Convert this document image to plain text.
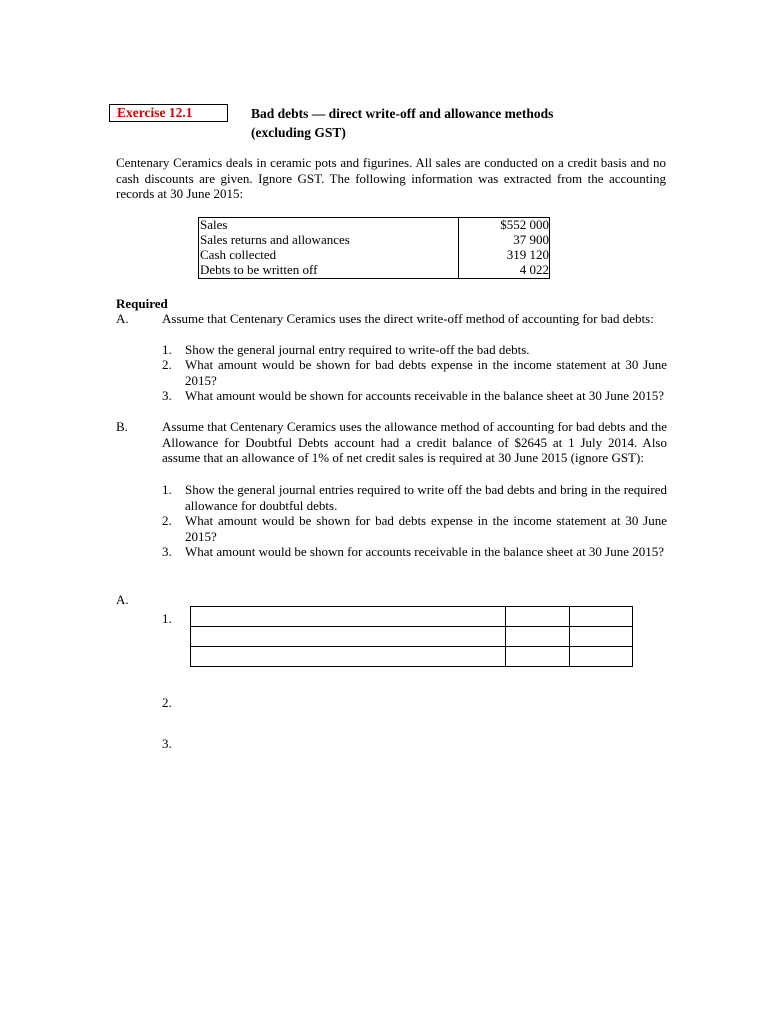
Exercise 12.1	Bad debts — direct write-off and allowance methods
(excluding GST)
Centenary Ceramics deals in ceramic pots and figurines. All sales are conducted on a credit basis and no cash discounts are given. Ignore GST. The following information was extracted from the accounting records at 30 June 2015:
Sales	$552 000
Sales returns and allowances	37 900
Cash collected	319 120
Debts to be written off	4 022
Required
A.	Assume that Centenary Ceramics uses the direct write-off method of accounting for bad debts:
1. Show the general journal entry required to write-off the bad debts.
2. What amount would be shown for bad debts expense in the income statement at 30 June 2015?
3. What amount would be shown for accounts receivable in the balance sheet at 30 June 2015?
B.	Assume that Centenary Ceramics uses the allowance method of accounting for bad debts and the Allowance for Doubtful Debts account had a credit balance of $2645 at 1 July 2014. Also assume that an allowance of 1% of net credit sales is required at 30 June 2015 (ignore GST):
1. Show the general journal entries required to write off the bad debts and bring in the required allowance for doubtful debts.
2. What amount would be shown for bad debts expense in the income statement at 30 June 2015?
3. What amount would be shown for accounts receivable in the balance sheet at 30 June 2015?
A.
1.

2.
3.
